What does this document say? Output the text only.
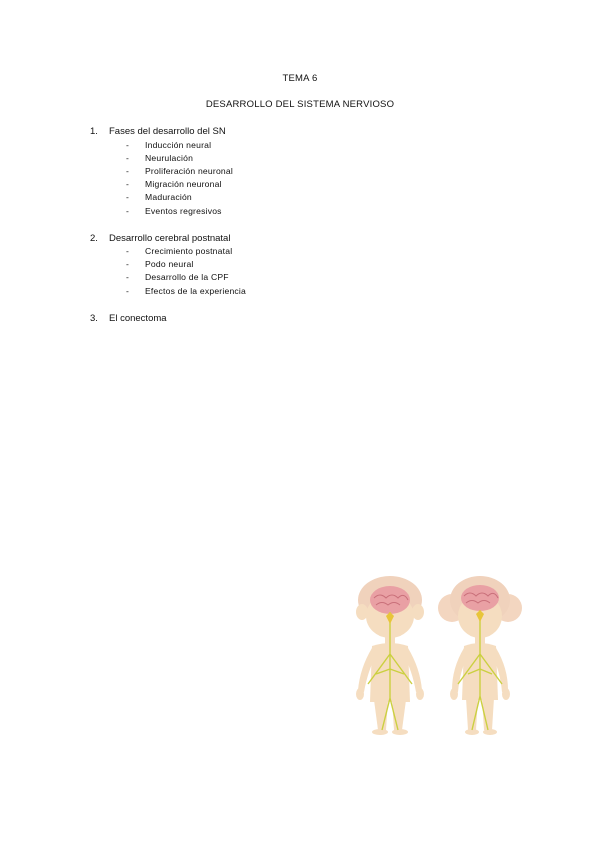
TEMA 6
DESARROLLO DEL SISTEMA NERVIOSO
1. Fases del desarrollo del SN
- Inducción neural
- Neurulación
- Proliferación neuronal
- Migración neuronal
- Maduración
- Eventos regresivos
2. Desarrollo cerebral postnatal
- Crecimiento postnatal
- Podo neural
- Desarrollo de la CPF
- Efectos de la experiencia
3. El conectoma
